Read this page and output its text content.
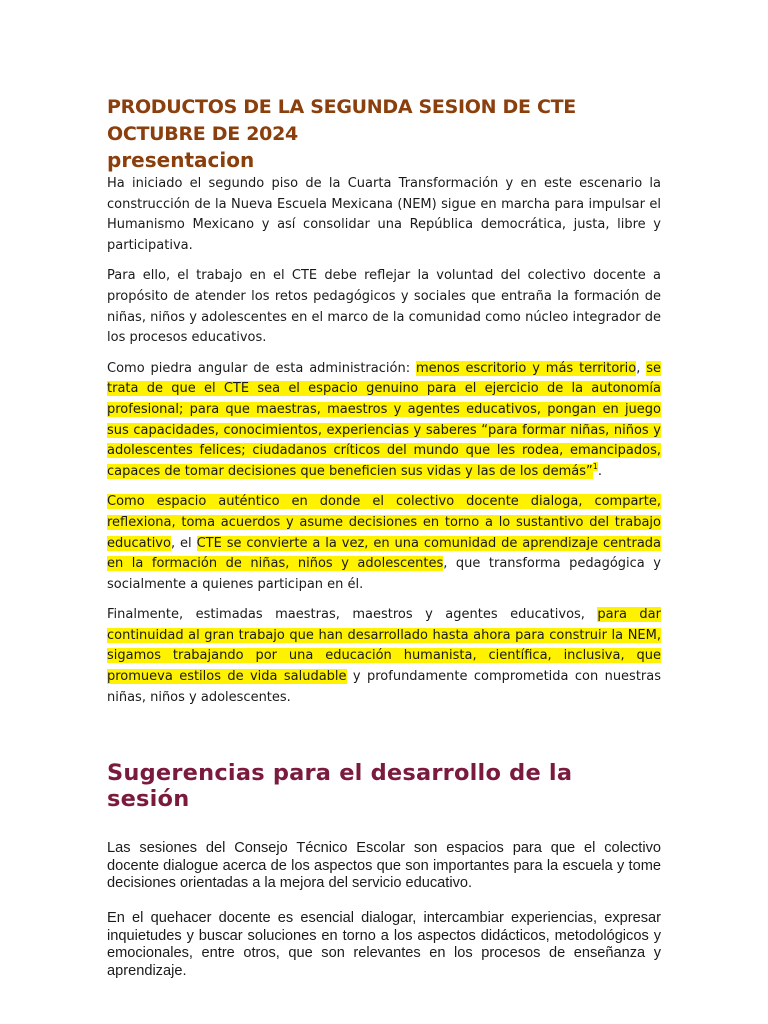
PRODUCTOS DE LA SEGUNDA SESION DE CTE
OCTUBRE DE 2024
presentacion

Ha iniciado el segundo piso de la Cuarta Transformación y en este escenario la construcción de la Nueva Escuela Mexicana (NEM) sigue en marcha para impulsar el Humanismo Mexicano y así consolidar una República democrática, justa, libre y participativa.

Para ello, el trabajo en el CTE debe reflejar la voluntad del colectivo docente a propósito de atender los retos pedagógicos y sociales que entraña la formación de niñas, niños y adolescentes en el marco de la comunidad como núcleo integrador de los procesos educativos.

Como piedra angular de esta administración: menos escritorio y más territorio, se trata de que el CTE sea el espacio genuino para el ejercicio de la autonomía profesional; para que maestras, maestros y agentes educativos, pongan en juego sus capacidades, conocimientos, experiencias y saberes “para formar niñas, niños y adolescentes felices; ciudadanos críticos del mundo que les rodea, emancipados, capaces de tomar decisiones que beneficien sus vidas y las de los demás”$^1$.

Como espacio auténtico en donde el colectivo docente dialoga, comparte, reflexiona, toma acuerdos y asume decisiones en torno a lo sustantivo del trabajo educativo, el CTE se convierte a la vez, en una comunidad de aprendizaje centrada en la formación de niñas, niños y adolescentes, que transforma pedagógica y socialmente a quienes participan en él.

Finalmente, estimadas maestras, maestros y agentes educativos, para dar continuidad al gran trabajo que han desarrollado hasta ahora para construir la NEM, sigamos trabajando por una educación humanista, científica, inclusiva, que promueva estilos de vida saludable y profundamente comprometida con nuestras niñas, niños y adolescentes.

Sugerencias para el desarrollo de la sesión

Las sesiones del Consejo Técnico Escolar son espacios para que el colectivo docente dialogue acerca de los aspectos que son importantes para la escuela y tome decisiones orientadas a la mejora del servicio educativo.

En el quehacer docente es esencial dialogar, intercambiar experiencias, expresar inquietudes y buscar soluciones en torno a los aspectos didácticos, metodológicos y emocionales, entre otros, que son relevantes en los procesos de enseñanza y aprendizaje.
